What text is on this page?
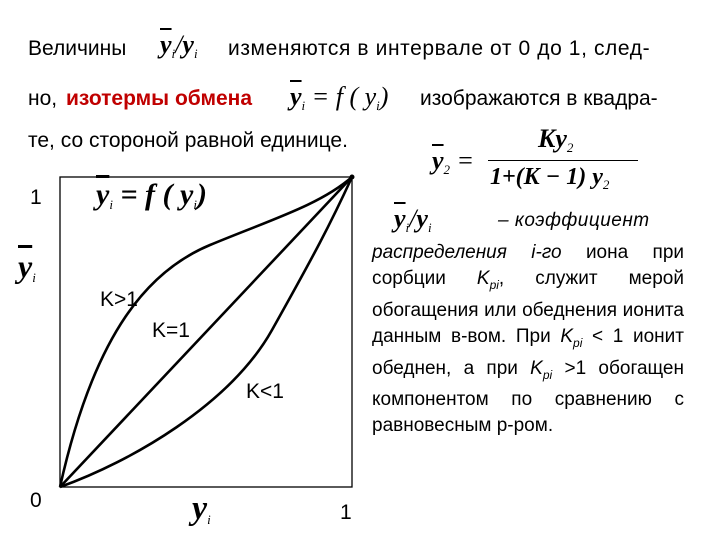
Величины $\overline{y}_i/y_i$ изменяются в интервале от 0 до 1, след-
но, изотермы обмена $\overline{y}_i = f$ ( $y_i$) изображаются в квадра-
те, со стороной равной единице.
$\overline{y}_2$ =
$Ky_2$
1+(K − 1) $y_2$
$\overline{y}_i = f$ ( $y_i$)
1
$\overline{y}_i$
0	$y_i$	1
K>1
K=1
K<1
$\overline{y}_i/y_i$	– коэффициент
распределения i-го иона при сорбции $K_{pi}$, служит мерой обогащения или обеднения ионита данным в-вом. При $K_{pi} < 1$ ионит обеднен, а при $K_{pi} >1$ обогащен компонентом по сравнению с равновесным р-ром.
